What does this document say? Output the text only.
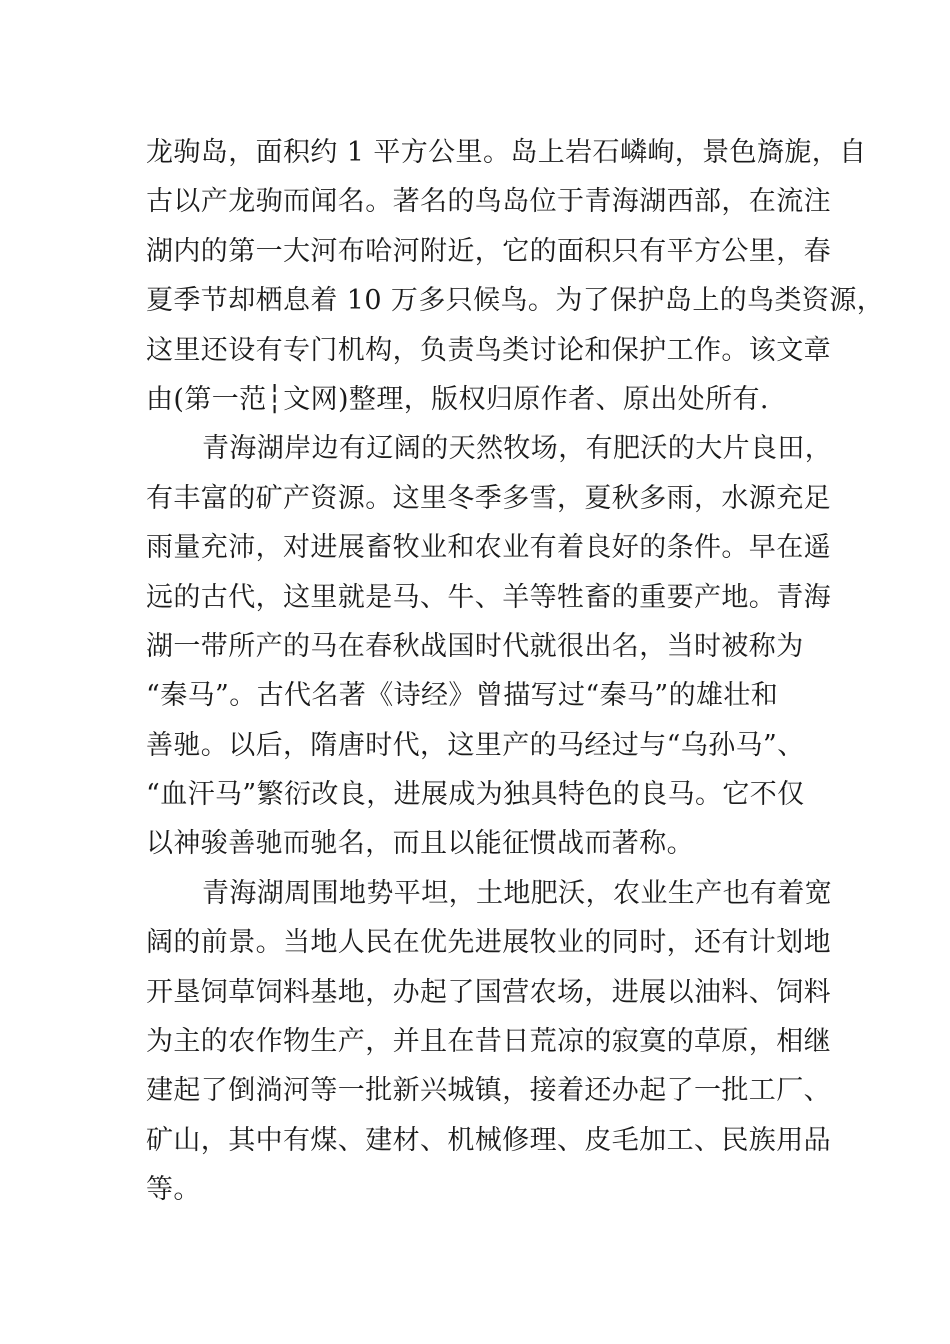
龙驹岛，面积约 1 平方公里。岛上岩石嶙峋，景色旖旎，自
古以产龙驹而闻名。著名的鸟岛位于青海湖西部，在流注
湖内的第一大河布哈河附近，它的面积只有平方公里，春
夏季节却栖息着 10 万多只候鸟。为了保护岛上的鸟类资源，
这里还设有专门机构，负责鸟类讨论和保护工作。该文章
由(第一范┆文网)整理，版权归原作者、原出处所有.
青海湖岸边有辽阔的天然牧场，有肥沃的大片良田，
有丰富的矿产资源。这里冬季多雪，夏秋多雨，水源充足
雨量充沛，对进展畜牧业和农业有着良好的条件。早在遥
远的古代，这里就是马、牛、羊等牲畜的重要产地。青海
湖一带所产的马在春秋战国时代就很出名，当时被称为
“秦马”。古代名著《诗经》曾描写过“秦马”的雄壮和
善驰。以后，隋唐时代，这里产的马经过与“乌孙马”、
“血汗马”繁衍改良，进展成为独具特色的良马。它不仅
以神骏善驰而驰名，而且以能征惯战而著称。
青海湖周围地势平坦，土地肥沃，农业生产也有着宽
阔的前景。当地人民在优先进展牧业的同时，还有计划地
开垦饲草饲料基地，办起了国营农场，进展以油料、饲料
为主的农作物生产，并且在昔日荒凉的寂寞的草原，相继
建起了倒淌河等一批新兴城镇，接着还办起了一批工厂、
矿山，其中有煤、建材、机械修理、皮毛加工、民族用品
等。
